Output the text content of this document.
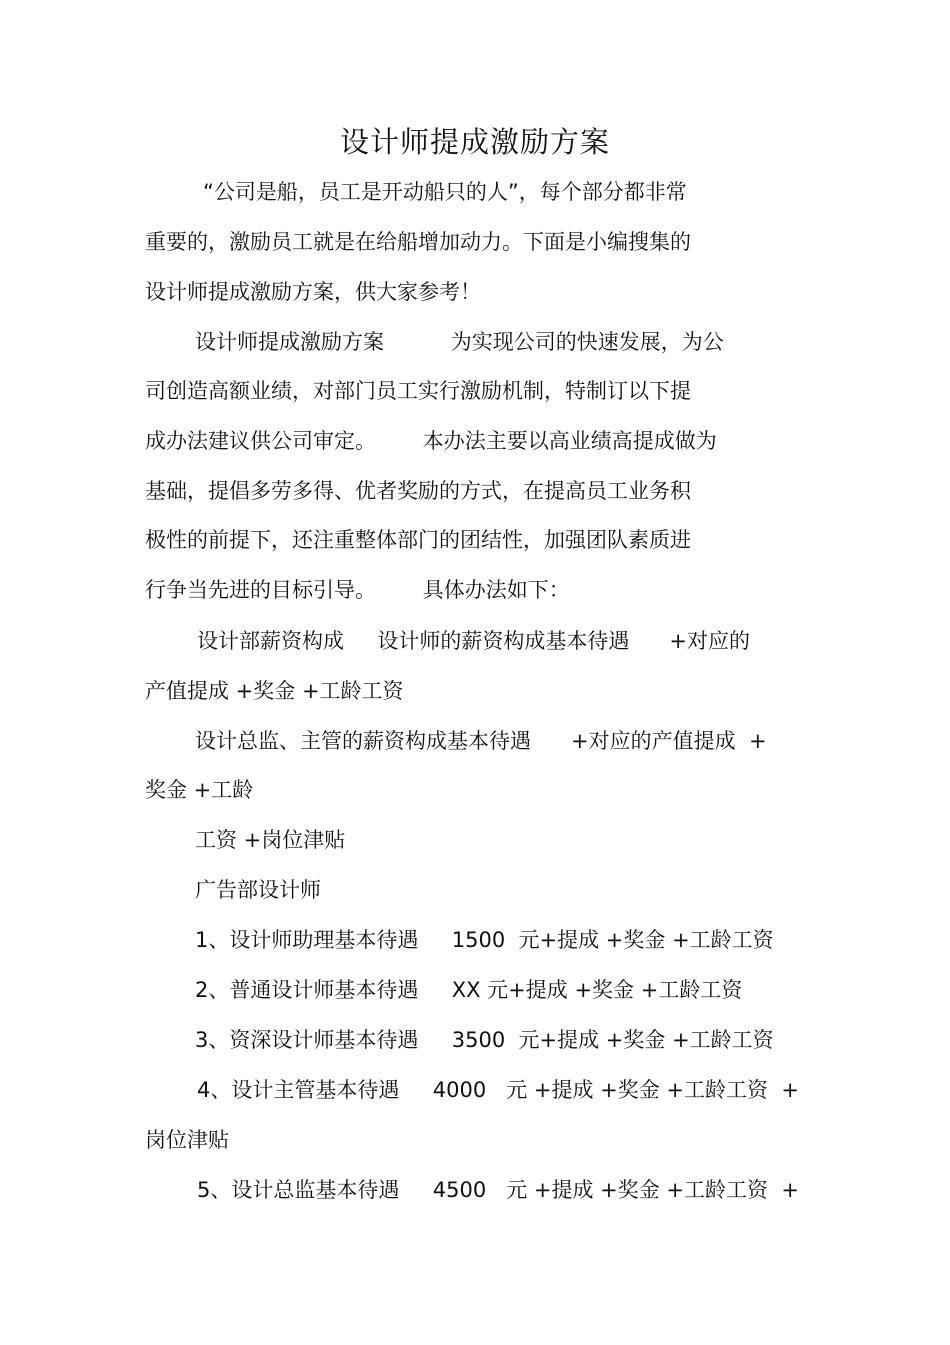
设计师提成激励方案

“公司是船，员工是开动船只的人”，每个部分都非常

重要的，激励员工就是在给船增加动力。下面是小编搜集的

设计师提成激励方案，供大家参考！

设计师提成激励方案          为实现公司的快速发展，为公

司创造高额业绩，对部门员工实行激励机制，特制订以下提

成办法建议供公司审定。       本办法主要以高业绩高提成做为

基础，提倡多劳多得、优者奖励的方式，在提高员工业务积

极性的前提下，还注重整体部门的团结性，加强团队素质进

行争当先进的目标引导。       具体办法如下：

设计部薪资构成     设计师的薪资构成基本待遇      +对应的

产值提成 +奖金 +工龄工资

设计总监、主管的薪资构成基本待遇      +对应的产值提成  +

奖金 +工龄

工资 +岗位津贴

广告部设计师

1、设计师助理基本待遇     1500  元+提成 +奖金 +工龄工资

2、普通设计师基本待遇     XX 元+提成 +奖金 +工龄工资

3、资深设计师基本待遇     3500  元+提成 +奖金 +工龄工资

4、设计主管基本待遇     4000   元 +提成 +奖金 +工龄工资  +

岗位津贴

5、设计总监基本待遇     4500   元 +提成 +奖金 +工龄工资  +
